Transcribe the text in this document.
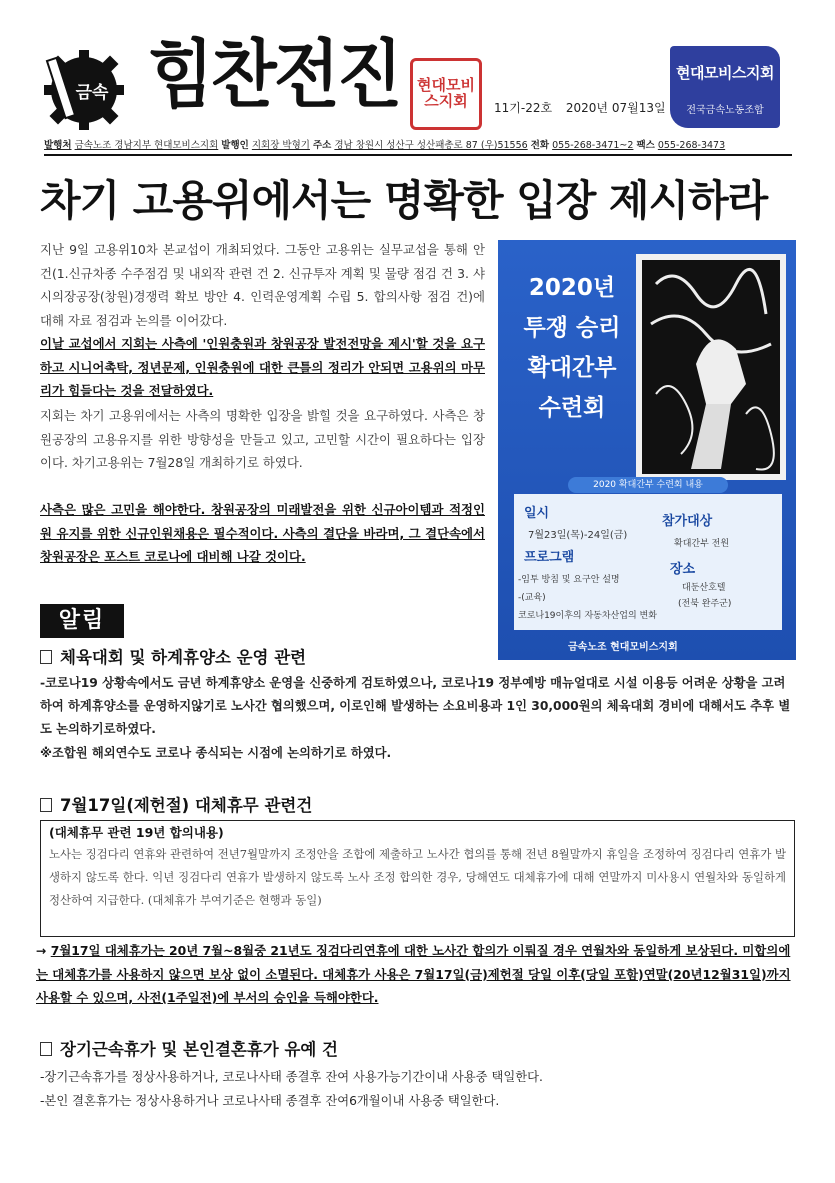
금속 힘찬전진	현대모비스지회	11기-22호 2020년 07월13일
현대모비스지회
전국금속노동조합
발행처 금속노조 경남지부 현대모비스지회 발행인 지회장 박형기 주소 경남 창원시 성산구 성산패총로 87 (우)51556 전화 055-268-3471~2 팩스 055-268-3473
차기 고용위에서는 명확한 입장 제시하라
지난 9일 고용위10차 본교섭이 개최되었다. 그동안 고용위는 실무교섭을 통해 안건(1.신규차종 수주점검 및 내외작 관련 건 2. 신규투자 계획 및 물량 점검 건 3. 샤시의장공장(창원)경쟁력 확보 방안 4. 인력운영계획 수립 5. 합의사항 점검 건)에 대해 자료 점검과 논의를 이어갔다.
이날 교섭에서 지회는 사측에 '인원충원과 창원공장 발전전망을 제시'할 것을 요구하고 시니어촉탁, 정년문제, 인원충원에 대한 큰틀의 정리가 안되면 고용위의 마무리가 힘들다는 것을 전달하였다.
지회는 차기 고용위에서는 사측의 명확한 입장을 밝힐 것을 요구하였다. 사측은 창원공장의 고용유지를 위한 방향성을 만들고 있고, 고민할 시간이 필요하다는 입장이다. 차기고용위는 7월28일 개최하기로 하였다.
사측은 많은 고민을 해야한다. 창원공장의 미래발전을 위한 신규아이템과 적정인원 유지를 위한 신규인원채용은 필수적이다. 사측의 결단을 바라며, 그 결단속에서 창원공장은 포스트 코로나에 대비해 나갈 것이다.
2020년
투쟁 승리
확대간부
수련회
2020 확대간부 수련회 내용
일시
7월23일(목)-24일(금)
프로그램
-임투 방침 및 요구안 설명
-(교육)
코로나19이후의 자동차산업의 변화
참가대상
확대간부 전원
장소
대둔산호텔
(전북 완주군)
금속노조 현대모비스지회
알림
체육대회 및 하계휴양소 운영 관련
-코로나19 상황속에서도 금년 하계휴양소 운영을 신중하게 검토하였으나, 코로나19 정부예방 매뉴얼대로 시설 이용등 어려운 상황을 고려하여 하계휴양소를 운영하지않기로 노사간 협의했으며, 이로인해 발생하는 소요비용과 1인 30,000원의 체육대회 경비에 대해서도 추후 별도 논의하기로하였다.
※조합원 해외연수도 코로나 종식되는 시점에 논의하기로 하였다.
7월17일(제헌절) 대체휴무 관련건
(대체휴무 관련 19년 합의내용)
노사는 징검다리 연휴와 관련하여 전년7월말까지 조정안을 조합에 제출하고 노사간 협의를 통해 전년 8월말까지 휴일을 조정하여 징검다리 연휴가 발생하지 않도록 한다. 익년 징검다리 연휴가 발생하지 않도록 노사 조정 합의한 경우, 당해연도 대체휴가에 대해 연말까지 미사용시 연월차와 동일하게 정산하여 지급한다. (대체휴가 부여기준은 현행과 동일)
→ 7월17일 대체휴가는 20년 7월~8월중 21년도 징검다리연휴에 대한 노사간 합의가 이뤄질 경우 연월차와 동일하게 보상된다. 미합의에는 대체휴가를 사용하지 않으면 보상 없이 소멸된다. 대체휴가 사용은 7월17일(금)제헌절 당일 이후(당일 포함)연말(20년12월31일)까지 사용할 수 있으며, 사전(1주일전)에 부서의 승인을 득해야한다.
장기근속휴가 및 본인결혼휴가 유예 건
-장기근속휴가를 정상사용하거나, 코로나사태 종결후 잔여 사용가능기간이내 사용중 택일한다.
-본인 결혼휴가는 정상사용하거나 코로나사태 종결후 잔여6개월이내 사용중 택일한다.
